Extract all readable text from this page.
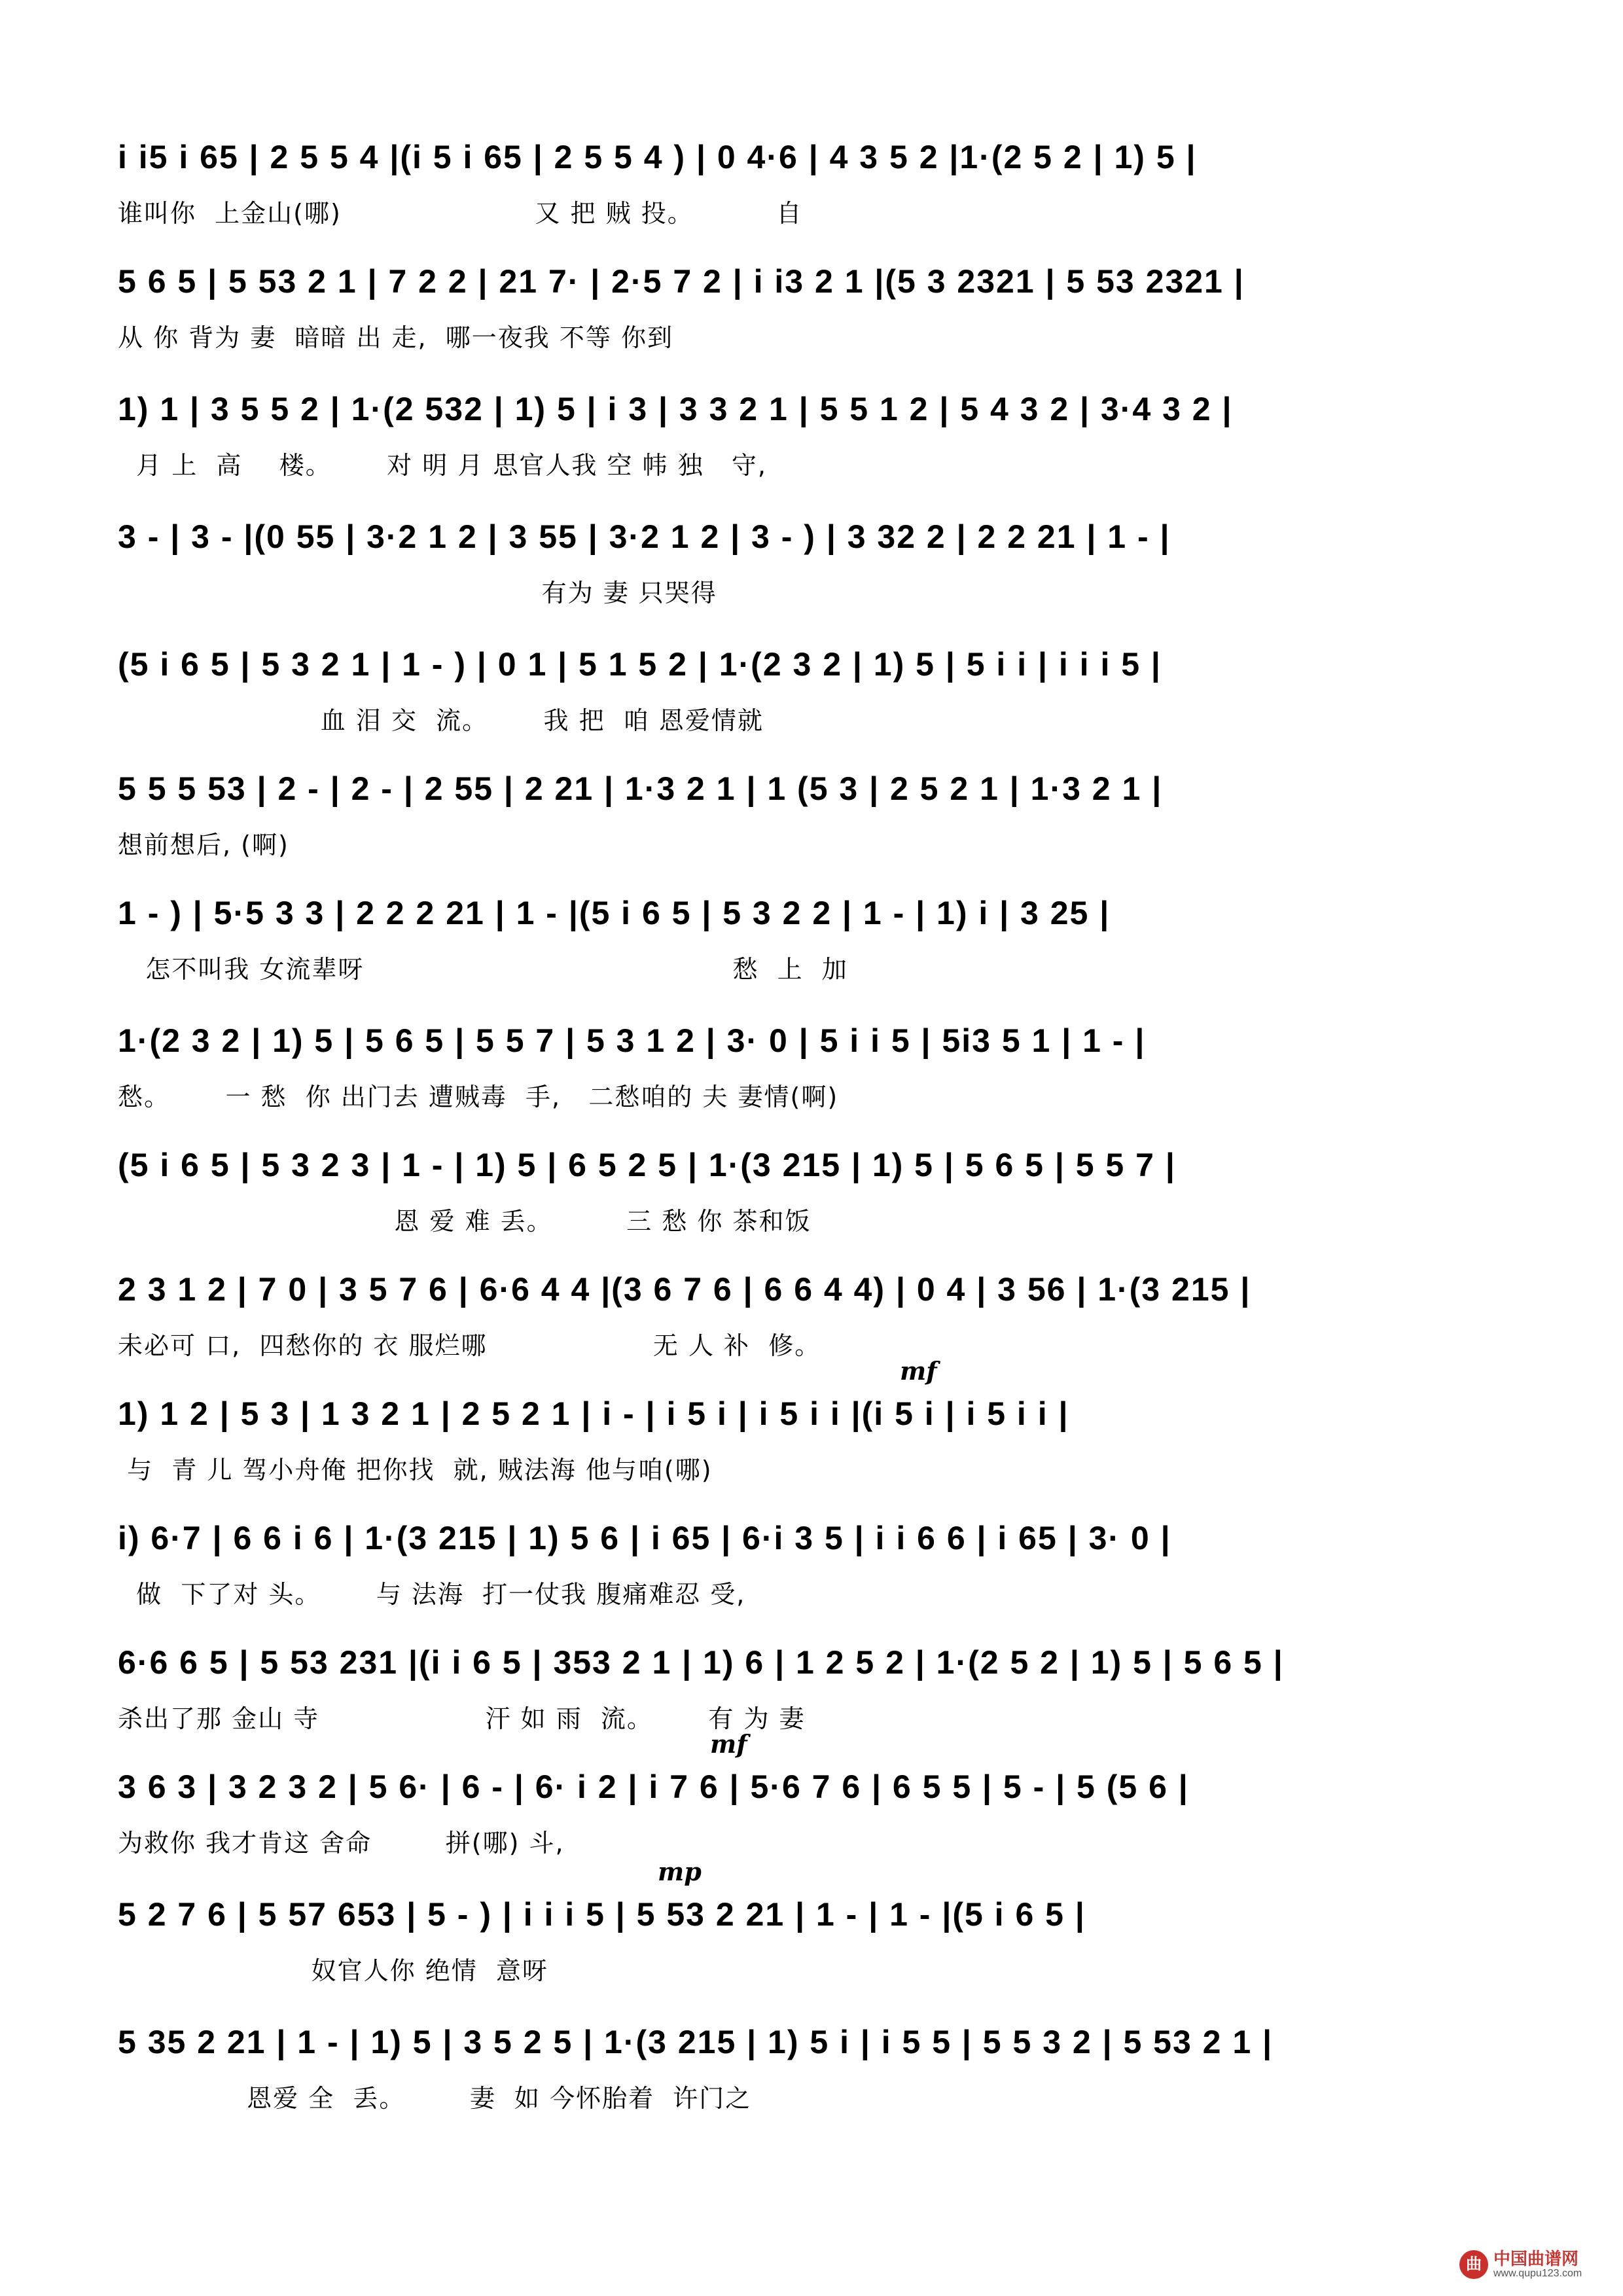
i i5 i 65 | 2 5 5 4 |(i 5 i 65 | 2 5 5 4 ) | 0 4·6 | 4 3 5 2 |1·(2 5 2 | 1) 5 |
谁叫你  上金山(哪)                     又 把 贼 投。         自
5 6 5 | 5 53 2 1 | 7 2 2 | 21 7· | 2·5 7 2 | i i3 2 1 |(5 3 2321 | 5 53 2321 |
从 你 背为 妻  暗暗 出 走,  哪一夜我 不等 你到
1) 1 | 3 5 5 2 | 1·(2 532 | 1) 5 | i 3 | 3 3 2 1 | 5 5 1 2 | 5 4 3 2 | 3·4 3 2 |
月 上  高    楼。      对 明 月 思官人我 空 帏 独   守,
3 - | 3 - |(0 55 | 3·2 1 2 | 3 55 | 3·2 1 2 | 3 - ) | 3 32 2 | 2 2 21 | 1 - |
有为 妻 只哭得
(5 i 6 5 | 5 3 2 1 | 1 - ) | 0 1 | 5 1 5 2 | 1·(2 3 2 | 1) 5 | 5 i i | i i i 5 |
血 泪 交  流。      我 把  咱 恩爱情就
5 5 5 53 | 2 - | 2 - | 2 55 | 2 21 | 1·3 2 1 | 1 (5 3 | 2 5 2 1 | 1·3 2 1 |
想前想后, (啊)
1 - ) | 5·5 3 3 | 2 2 2 21 | 1 - |(5 i 6 5 | 5 3 2 2 | 1 - | 1) i | 3 25 |
怎不叫我 女流辈呀                                        愁  上  加
1·(2 3 2 | 1) 5 | 5 6 5 | 5 5 7 | 5 3 1 2 | 3· 0 | 5 i i 5 | 5i3 5 1 | 1 - |
愁。      一 愁  你 出门去 遭贼毒  手,   二愁咱的 夫 妻情(啊)
(5 i 6 5 | 5 3 2 3 | 1 - | 1) 5 | 6 5 2 5 | 1·(3 215 | 1) 5 | 5 6 5 | 5 5 7 |
恩 爱 难 丢。        三 愁 你 茶和饭
2 3 1 2 | 7 0 | 3 5 7 6 | 6·6 4 4 |(3 6 7 6 | 6 6 4 4) | 0 4 | 3 56 | 1·(3 215 |
未必可 口,  四愁你的 衣 服烂哪                  无 人 补  修。
1) 1 2 | 5 3 | 1 3 2 1 | 2 5 2 1 | i - | i 5 i | i 5 i i |(i 5 i | i 5 i i |
与  青 儿 驾小舟俺 把你找  就, 贼法海 他与咱(哪)
mf
i) 6·7 | 6 6 i 6 | 1·(3 215 | 1) 5 6 | i 65 | 6·i 3 5 | i i 6 6 | i 65 | 3· 0 |
做  下了对 头。      与 法海  打一仗我 腹痛难忍 受,
6·6 6 5 | 5 53 231 |(i i 6 5 | 353 2 1 | 1) 6 | 1 2 5 2 | 1·(2 5 2 | 1) 5 | 5 6 5 |
杀出了那 金山 寺                  汗 如 雨  流。      有 为 妻
3 6 3 | 3 2 3 2 | 5 6· | 6 - | 6· i 2 | i 7 6 | 5·6 7 6 | 6 5 5 | 5 - | 5 (5 6 |
为救你 我才肯这 舍命        拼(哪) 斗,
mf
5 2 7 6 | 5 57 653 | 5 - ) | i i i 5 | 5 53 2 21 | 1 - | 1 - |(5 i 6 5 |
奴官人你 绝情  意呀
mp
5 35 2 21 | 1 - | 1) 5 | 3 5 2 5 | 1·(3 215 | 1) 5 i | i 5 5 | 5 5 3 2 | 5 53 2 1 |
恩爱 全  丢。       妻  如 今怀胎着  许门之
曲 中国曲谱网
www.qupu123.com
